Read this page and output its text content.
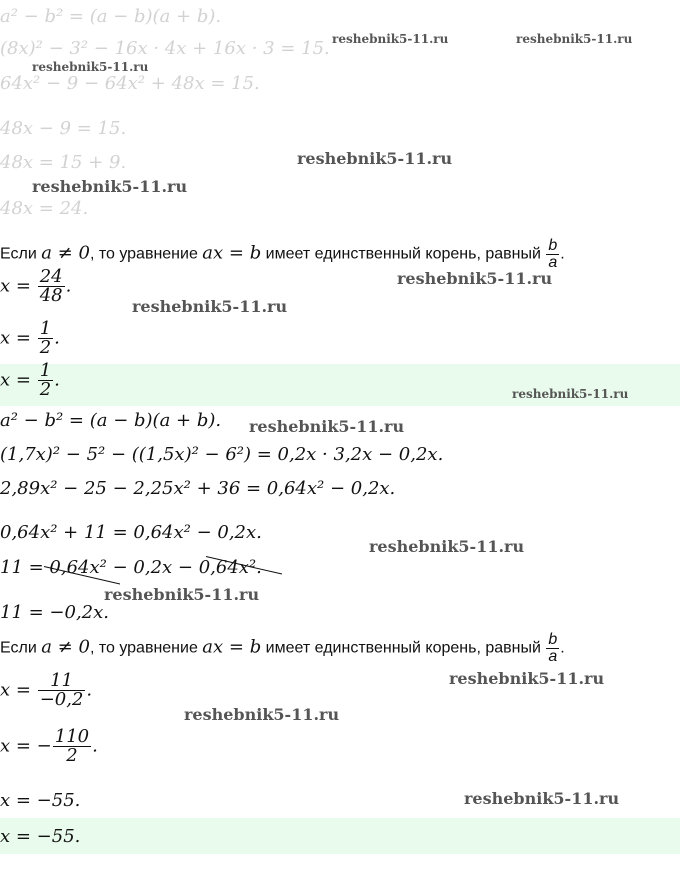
a² − b² = (a − b)(a + b).
(8x)² − 3² − 16x · 4x + 16x · 3 = 15.
64x² − 9 − 64x² + 48x = 15.
48x − 9 = 15.
48x = 15 + 9.
48x = 24.
Если a ≠ 0, то уравнение ax = b имеет единственный корень, равный $\frac{b}{a}$ .
$x = \frac{24}{48}$ .
$x = \frac{1}{2}$ .
$x = \frac{1}{2}$ .
a² − b² = (a − b)(a + b).
(1,7x)² − 5² − ((1,5x)² − 6²) = 0,2x · 3,2x − 0,2x.
2,89x² − 25 − 2,25x² + 36 = 0,64x² − 0,2x.
0,64x² + 11 = 0,64x² − 0,2x.
11 = 0,64x² − 0,2x − 0,64x².
11 = −0,2x.
Если a ≠ 0, то уравнение ax = b имеет единственный корень, равный $\frac{b}{a}$ .
$x = \frac{11}{-0,2}$ .
x = − $\frac{110}{2}$ .
x = −55.
x = −55.
reshebnik5-11.ru	reshebnik5-11.ru
reshebnik5-11.ru
reshebnik5-11.ru
reshebnik5-11.ru
reshebnik5-11.ru
reshebnik5-11.ru
reshebnik5-11.ru
reshebnik5-11.ru
reshebnik5-11.ru
reshebnik5-11.ru
reshebnik5-11.ru
reshebnik5-11.ru
reshebnik5-11.ru
